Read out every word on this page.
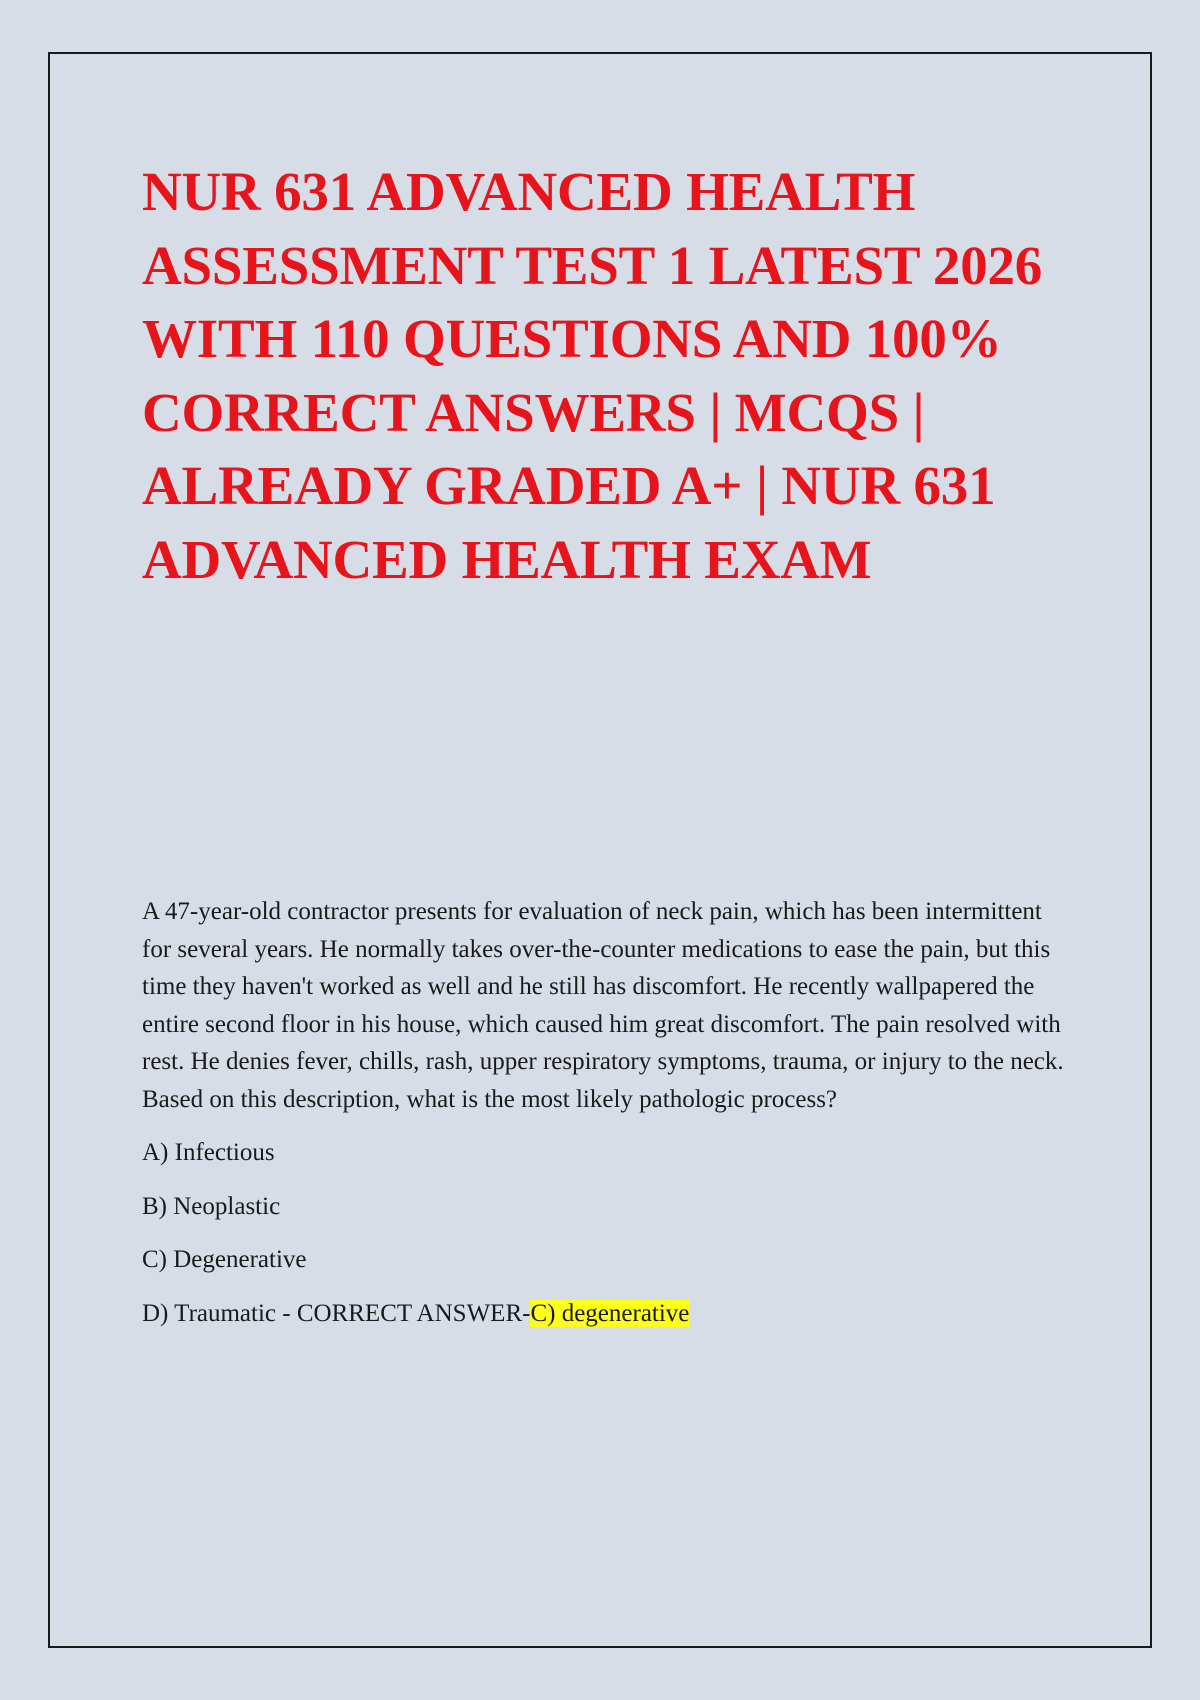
NUR 631 ADVANCED HEALTH ASSESSMENT TEST 1 LATEST 2026 WITH 110 QUESTIONS AND 100% CORRECT ANSWERS | MCQS | ALREADY GRADED A+ | NUR 631 ADVANCED HEALTH EXAM

A 47-year-old contractor presents for evaluation of neck pain, which has been intermittent for several years. He normally takes over-the-counter medications to ease the pain, but this time they haven't worked as well and he still has discomfort. He recently wallpapered the entire second floor in his house, which caused him great discomfort. The pain resolved with rest. He denies fever, chills, rash, upper respiratory symptoms, trauma, or injury to the neck. Based on this description, what is the most likely pathologic process?

A) Infectious

B) Neoplastic

C) Degenerative

D) Traumatic - CORRECT ANSWER-C) degenerative
